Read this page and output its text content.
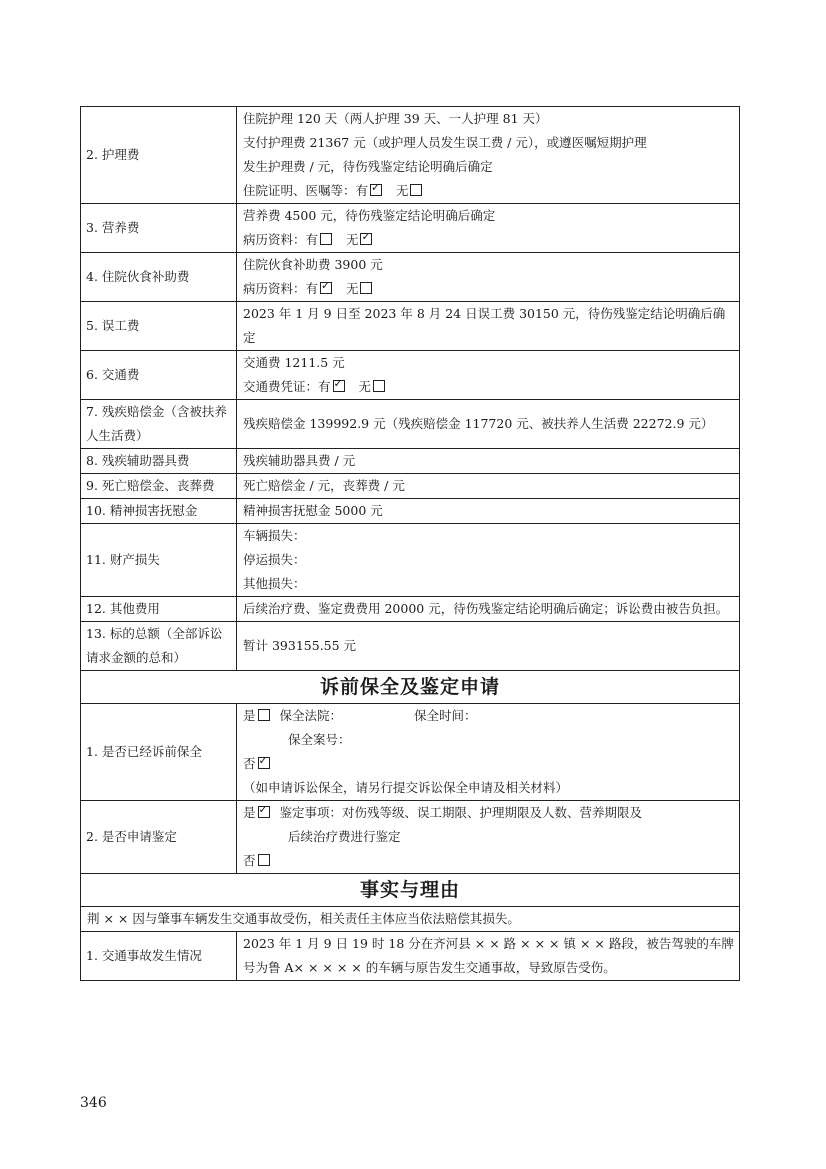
2. 护理费	住院护理 120 天（两人护理 39 天、一人护理 81 天）
支付护理费 21367 元（或护理人员发生误工费 / 元），或遵医嘱短期护理
发生护理费 / 元，待伤残鉴定结论明确后确定
住院证明、医嘱等：有 ✓ 无

3. 营养费	营养费 4500 元，待伤残鉴定结论明确后确定
病历资料：有 无✓

4. 住院伙食补助费	住院伙食补助费 3900 元
病历资料：有 ✓ 无

5. 误工费	2023 年 1 月 9 日至 2023 年 8 月 24 日误工费 30150 元，待伤残鉴定结论明确后确定
6. 交通费	交通费 1211.5 元
交通费凭证：有 ✓ 无

7. 残疾赔偿金（含被扶养人生活费）	残疾赔偿金 139992.9 元（残疾赔偿金 117720 元、被扶养人生活费 22272.9 元）
8. 残疾辅助器具费	残疾辅助器具费 / 元
9. 死亡赔偿金、丧葬费	死亡赔偿金 / 元，丧葬费 / 元
10. 精神损害抚慰金	精神损害抚慰金 5000 元
11. 财产损失	车辆损失：
停运损失：
其他损失：

12. 其他费用	后续治疗费、鉴定费费用 20000 元，待伤残鉴定结论明确后确定；诉讼费由被告负担。
13. 标的总额（全部诉讼请求金额的总和）	暂计 393155.55 元
诉前保全及鉴定申请	
1. 是否已经诉前保全	是 保全法院： 保全时间：
保全案号：
否✓
（如申请诉讼保全，请另行提交诉讼保全申请及相关材料）

2. 是否申请鉴定	是 ✓ 鉴定事项：对伤残等级、误工期限、护理期限及人数、营养期限及
后续治疗费进行鉴定
否

事实与理由	
荆 × × 因与肇事车辆发生交通事故受伤，相关责任主体应当依法赔偿其损失。	
1. 交通事故发生情况	2023 年 1 月 9 日 19 时 18 分在齐河县 × × 路 × × × 镇 × × 路段，被告驾驶的车牌号为鲁 A× × × × × 的车辆与原告发生交通事故，导致原告受伤。
346
